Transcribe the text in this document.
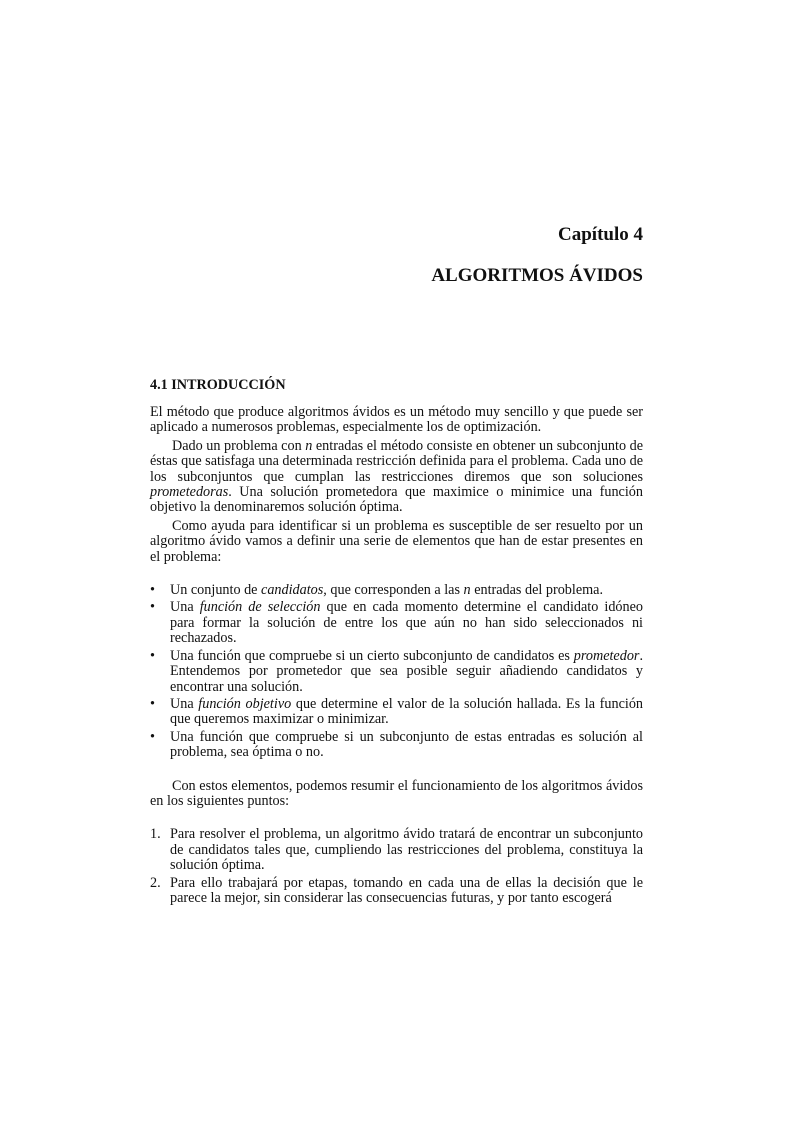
Capítulo 4
ALGORITMOS ÁVIDOS
4.1 INTRODUCCIÓN

El método que produce algoritmos ávidos es un método muy sencillo y que puede ser aplicado a numerosos problemas, especialmente los de optimización.

Dado un problema con n entradas el método consiste en obtener un subconjunto de éstas que satisfaga una determinada restricción definida para el problema. Cada uno de los subconjuntos que cumplan las restricciones diremos que son soluciones prometedoras. Una solución prometedora que maximice o minimice una función objetivo la denominaremos solución óptima.

Como ayuda para identificar si un problema es susceptible de ser resuelto por un algoritmo ávido vamos a definir una serie de elementos que han de estar presentes en el problema:

• Un conjunto de candidatos, que corresponden a las n entradas del problema.
• Una función de selección que en cada momento determine el candidato idóneo para formar la solución de entre los que aún no han sido seleccionados ni rechazados.
• Una función que compruebe si un cierto subconjunto de candidatos es prometedor. Entendemos por prometedor que sea posible seguir añadiendo candidatos y encontrar una solución.
• Una función objetivo que determine el valor de la solución hallada. Es la función que queremos maximizar o minimizar.
• Una función que compruebe si un subconjunto de estas entradas es solución al problema, sea óptima o no.

Con estos elementos, podemos resumir el funcionamiento de los algoritmos ávidos en los siguientes puntos:

1. Para resolver el problema, un algoritmo ávido tratará de encontrar un subconjunto de candidatos tales que, cumpliendo las restricciones del problema, constituya la solución óptima.
2. Para ello trabajará por etapas, tomando en cada una de ellas la decisión que le parece la mejor, sin considerar las consecuencias futuras, y por tanto escogerá
